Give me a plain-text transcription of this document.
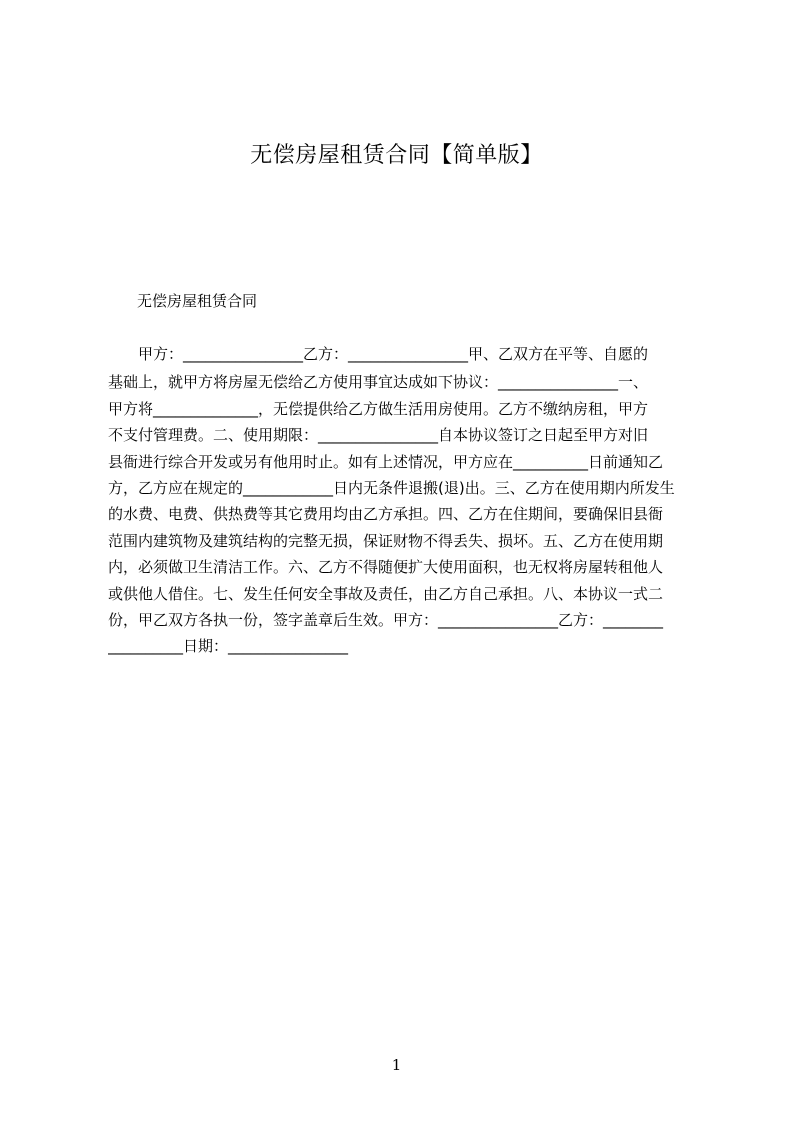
无偿房屋租赁合同【简单版】
无偿房屋租赁合同
甲方：________________乙方：________________甲、乙双方在平等、自愿的
基础上，就甲方将房屋无偿给乙方使用事宜达成如下协议：________________一、
甲方将______________，无偿提供给乙方做生活用房使用。乙方不缴纳房租，甲方
不支付管理费。二、使用期限：________________自本协议签订之日起至甲方对旧
县衙进行综合开发或另有他用时止。如有上述情况，甲方应在__________日前通知乙
方，乙方应在规定的____________日内无条件退搬(退)出。三、乙方在使用期内所发生
的水费、电费、供热费等其它费用均由乙方承担。四、乙方在住期间，要确保旧县衙
范围内建筑物及建筑结构的完整无损，保证财物不得丢失、损坏。五、乙方在使用期
内，必须做卫生清洁工作。六、乙方不得随便扩大使用面积，也无权将房屋转租他人
或供他人借住。七、发生任何安全事故及责任，由乙方自己承担。八、本协议一式二
份，甲乙双方各执一份，签字盖章后生效。甲方：________________乙方：________
__________日期：________________
1
